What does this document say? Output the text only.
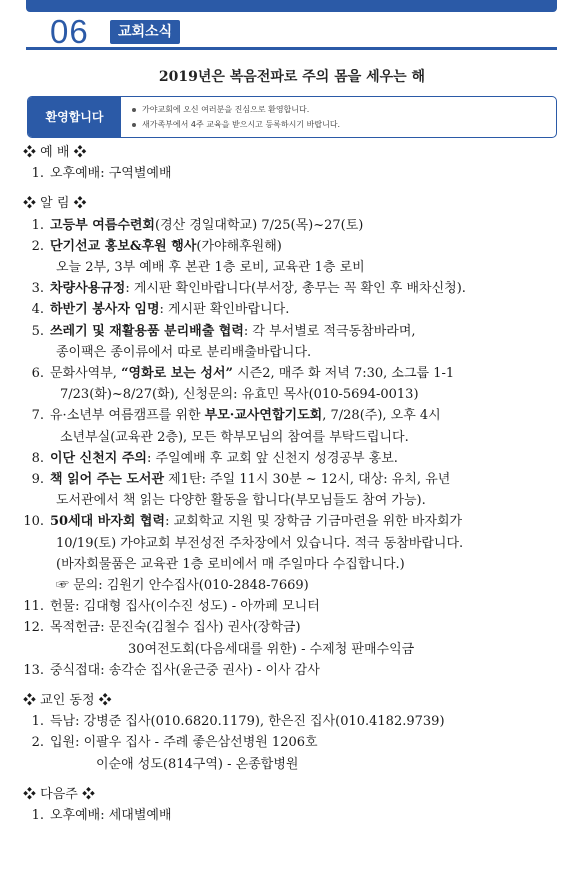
06	교회소식
2019년은 복음전파로 주의 몸을 세우는 해
환영합니다
가야교회에 오신 여러분을 진심으로 환영합니다.
새가족부에서 4주 교육을 받으시고 등록하시기 바랍니다.
❖ 예 배 ❖
1. 오후예배: 구역별예배
❖ 알 림 ❖
1. 고등부 여름수련회(경산 경일대학교) 7/25(목)~27(토)
2. 단기선교 홍보&후원 행사(가야해후원해)
오늘 2부, 3부 예배 후 본관 1층 로비, 교육관 1층 로비
3. 차량사용규정: 게시판 확인바랍니다(부서장, 총무는 꼭 확인 후 배차신청).
4. 하반기 봉사자 임명: 게시판 확인바랍니다.
5. 쓰레기 및 재활용품 분리배출 협력: 각 부서별로 적극동참바라며,
종이팩은 종이류에서 따로 분리배출바랍니다.
6. 문화사역부, “영화로 보는 성서” 시즌2, 매주 화 저녁 7:30, 소그룹 1-1
7/23(화)~8/27(화), 신청문의: 유효민 목사(010-5694-0013)
7. 유·소년부 여름캠프를 위한 부모·교사연합기도회, 7/28(주), 오후 4시
소년부실(교육관 2층), 모든 학부모님의 참여를 부탁드립니다.
8. 이단 신천지 주의: 주일예배 후 교회 앞 신천지 성경공부 홍보.
9. 책 읽어 주는 도서관 제1탄: 주일 11시 30분 ~ 12시, 대상: 유치, 유년
도서관에서 책 읽는 다양한 활동을 합니다(부모님들도 참여 가능).
10. 50세대 바자회 협력: 교회학교 지원 및 장학금 기금마련을 위한 바자회가
10/19(토) 가야교회 부전성전 주차장에서 있습니다. 적극 동참바랍니다.
(바자회물품은 교육관 1층 로비에서 매 주일마다 수집합니다.)
☞ 문의: 김원기 안수집사(010-2848-7669)
11. 헌물: 김대형 집사(이수진 성도) - 아까페 모니터
12. 목적헌금: 문진숙(김철수 집사) 권사(장학금)
30여전도회(다음세대를 위한) - 수제청 판매수익금
13. 중식접대: 송각순 집사(윤근중 권사) - 이사 감사
❖ 교인 동정 ❖
1. 득남: 강병준 집사(010.6820.1179), 한은진 집사(010.4182.9739)
2. 입원: 이팔우 집사 - 주례 좋은삼선병원 1206호
이순애 성도(814구역) - 온종합병원
❖ 다음주 ❖
1. 오후예배: 세대별예배
